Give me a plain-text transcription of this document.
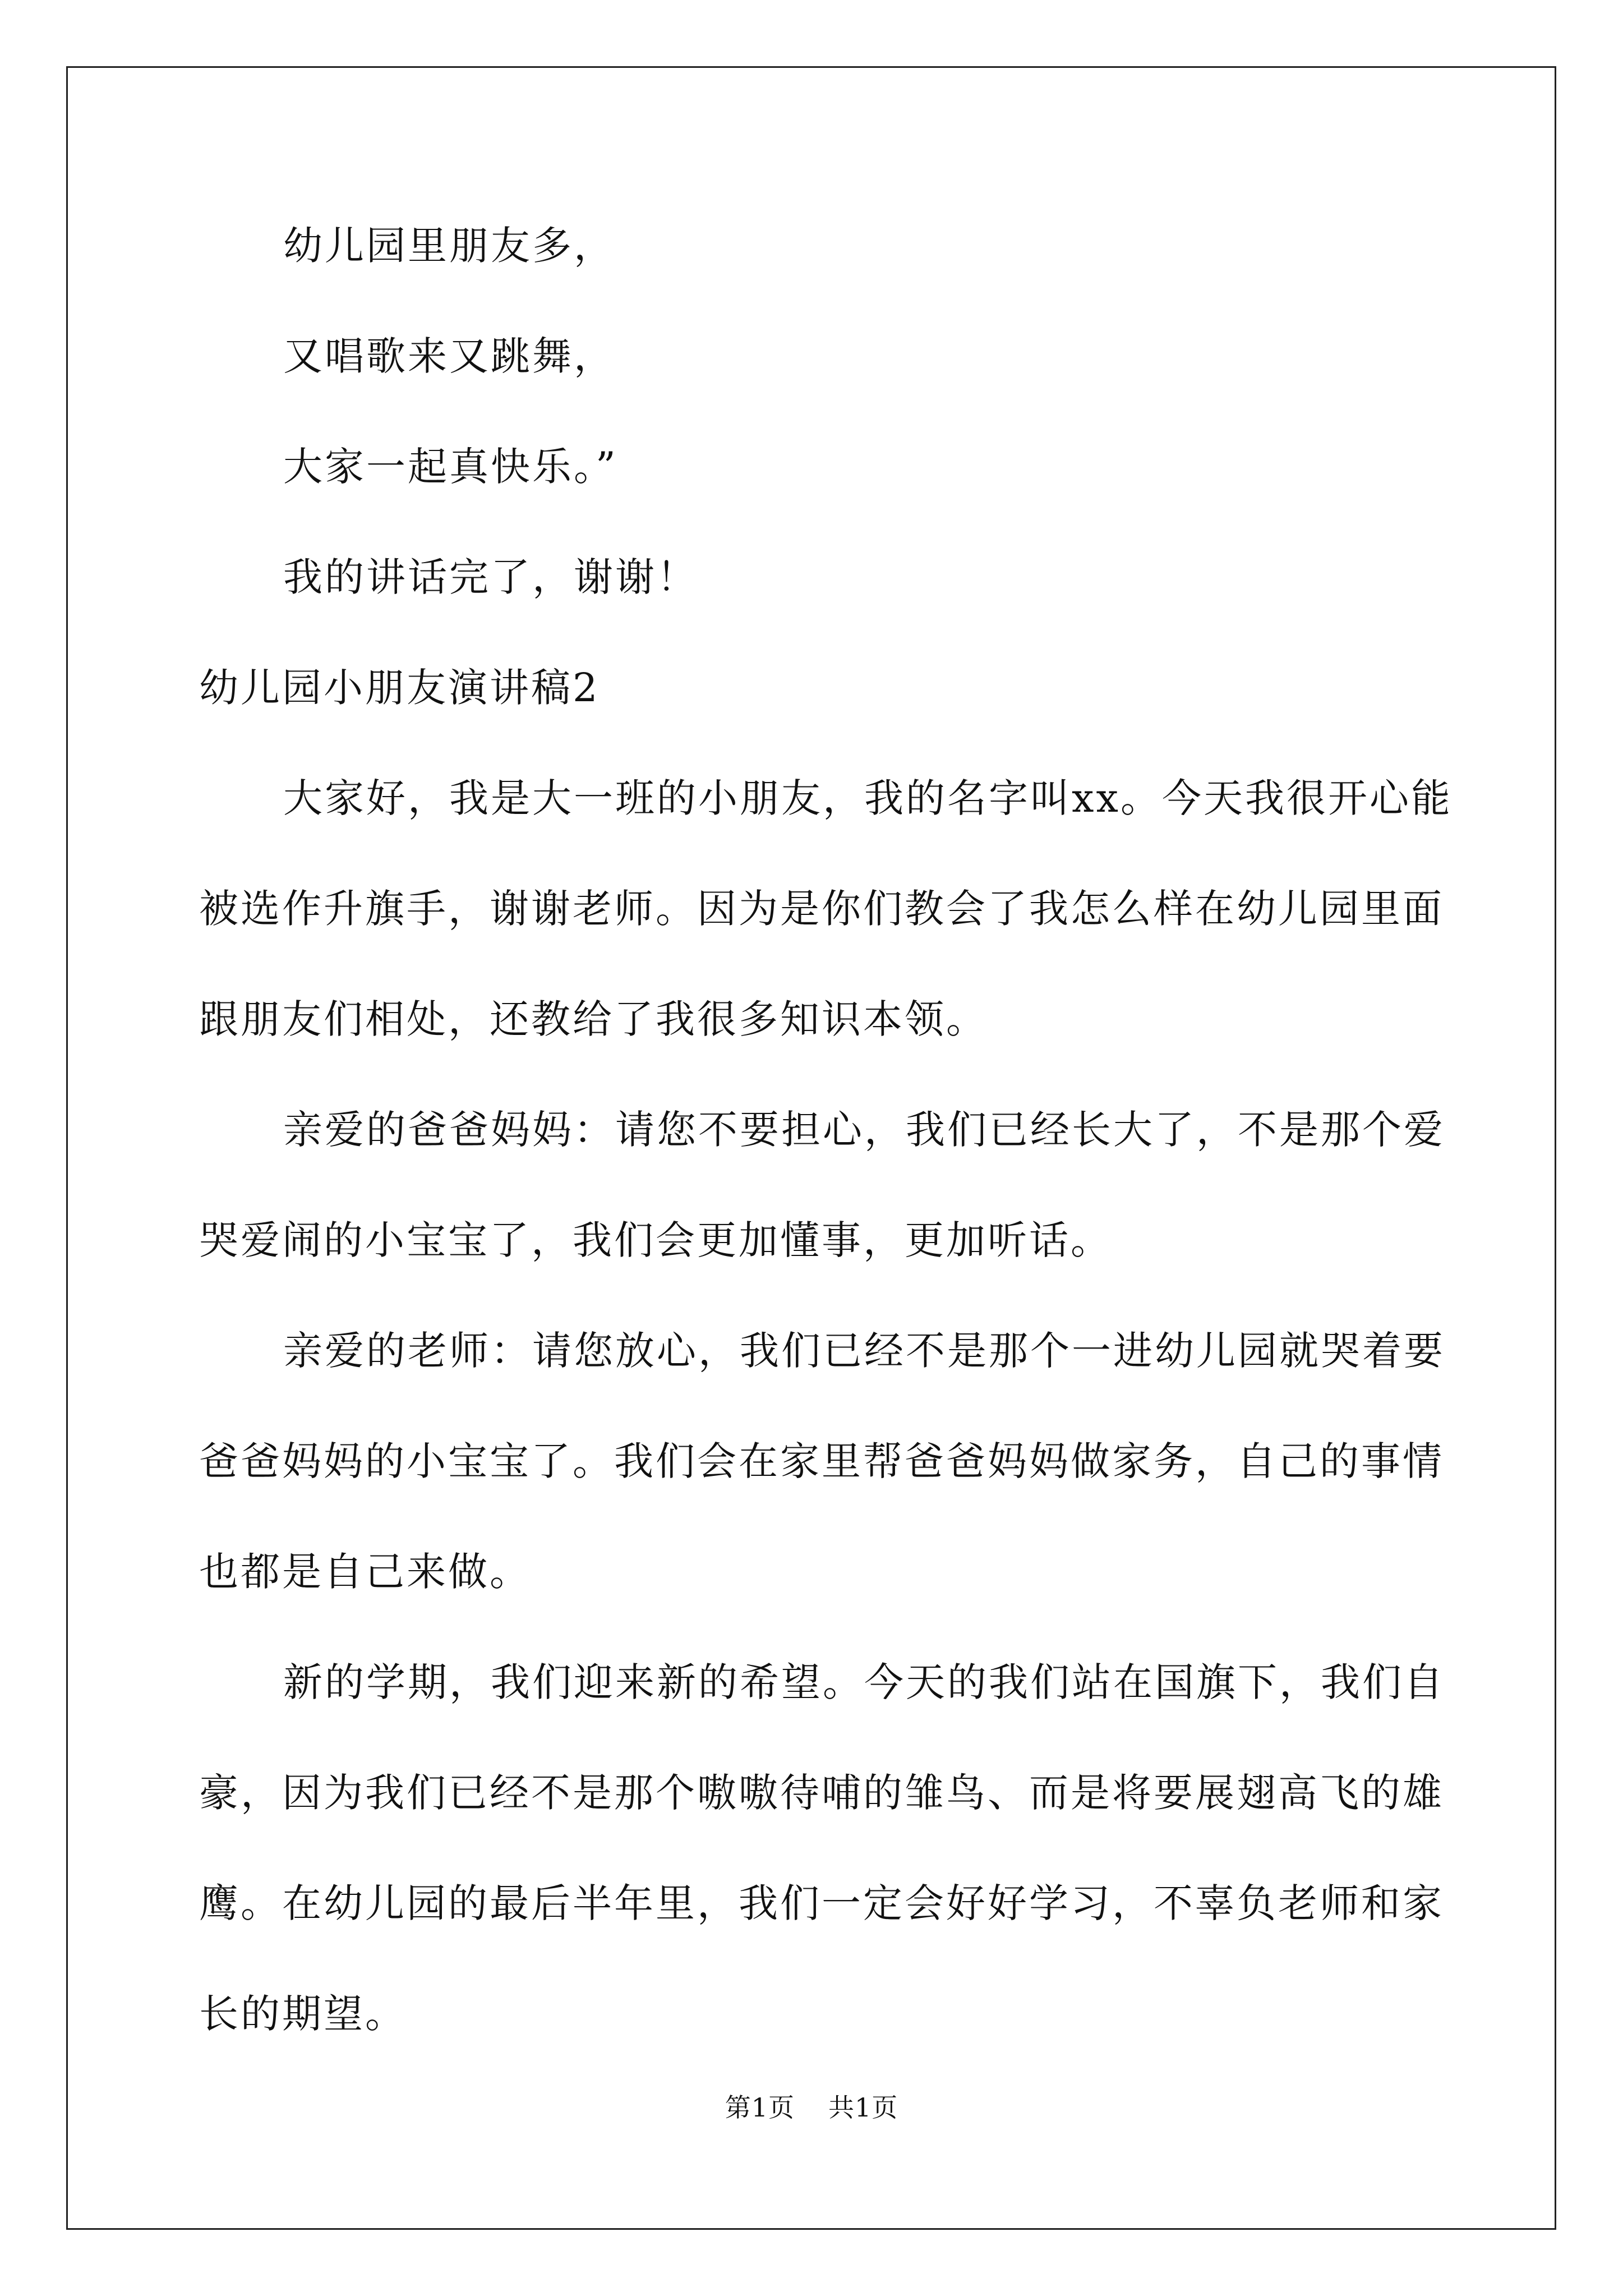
幼儿园里朋友多，
又唱歌来又跳舞，
大家一起真快乐。”
我的讲话完了，谢谢！
幼儿园小朋友演讲稿2
大家好，我是大一班的小朋友，我的名字叫xx。今天我很开心能
被选作升旗手，谢谢老师。因为是你们教会了我怎么样在幼儿园里面
跟朋友们相处，还教给了我很多知识本领。
亲爱的爸爸妈妈：请您不要担心，我们已经长大了，不是那个爱
哭爱闹的小宝宝了，我们会更加懂事，更加听话。
亲爱的老师：请您放心，我们已经不是那个一进幼儿园就哭着要
爸爸妈妈的小宝宝了。我们会在家里帮爸爸妈妈做家务，自己的事情
也都是自己来做。
新的学期，我们迎来新的希望。今天的我们站在国旗下，我们自
豪，因为我们已经不是那个嗷嗷待哺的雏鸟、而是将要展翅高飞的雄
鹰。在幼儿园的最后半年里，我们一定会好好学习，不辜负老师和家
长的期望。
第1页 共1页
